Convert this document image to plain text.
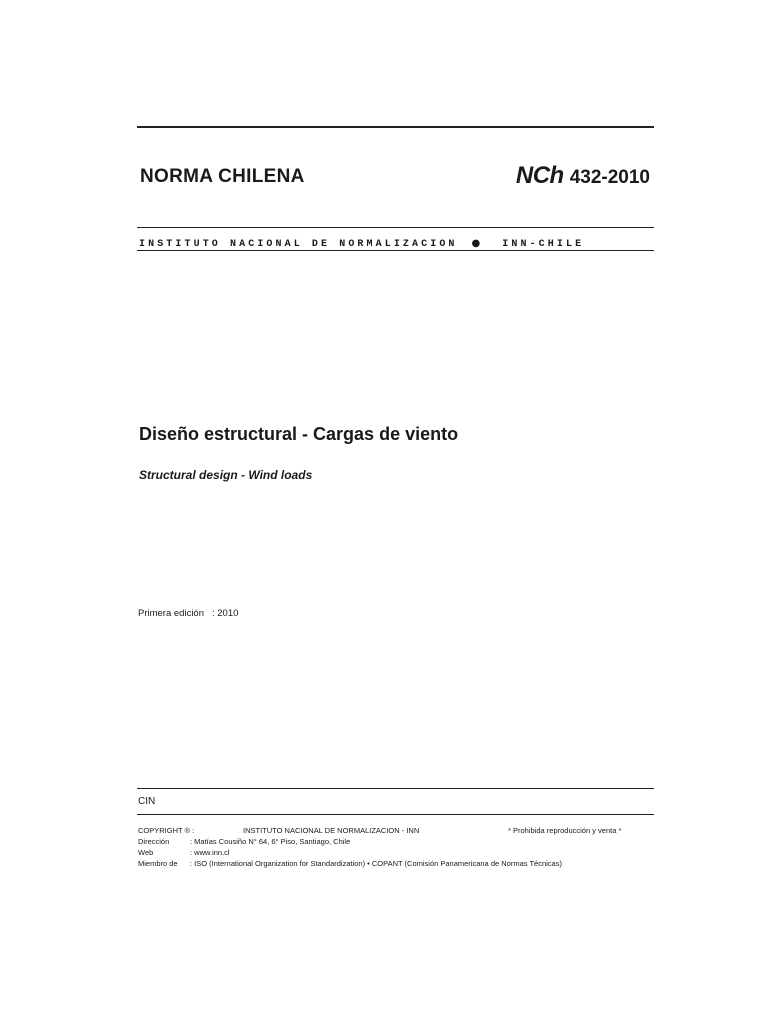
NORMA CHILENA	NCh 432-2010
INSTITUTO NACIONAL DE NORMALIZACION ● INN-CHILE
Diseño estructural - Cargas de viento
Structural design - Wind loads
Primera edición : 2010
CIN
COPYRIGHT ® :	INSTITUTO NACIONAL DE NORMALIZACION - INN	* Prohibida reproducción y venta *
Dirección	: Matías Cousiño N° 64, 6° Piso, Santiago, Chile
Web	: www.inn.cl
Miembro de : ISO (International Organization for Standardization) • COPANT (Comisión Panamericana de Normas Técnicas)
